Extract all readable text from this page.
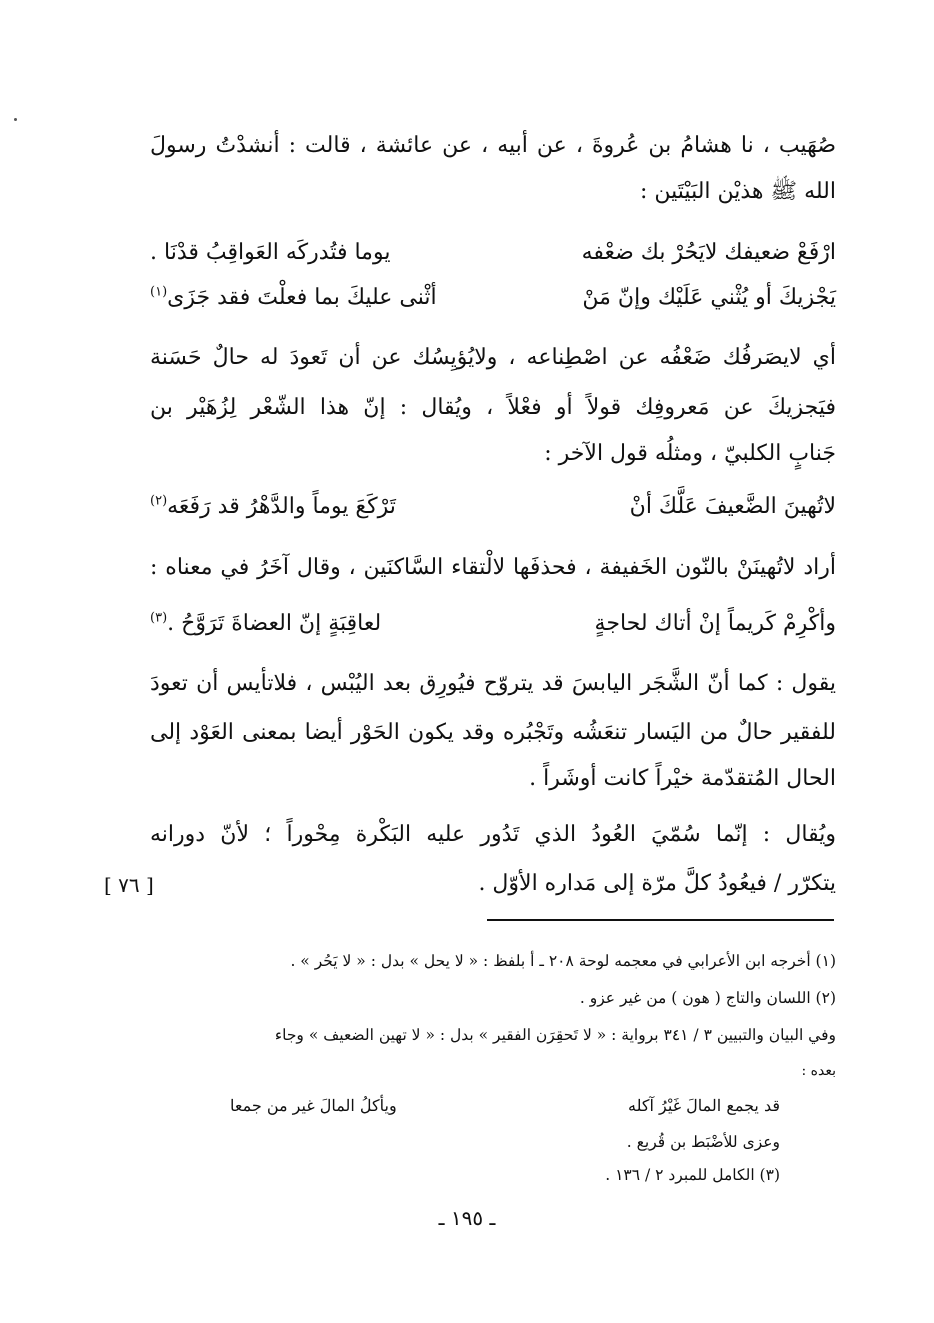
صُهَيب ، نا هشامُ بن عُروةَ ، عن أبيه ، عن عائشة ، قالت : أنشدْتُ رسولَ
الله ﷺ هذيْن البَيْتَين :
ارْفَعْ ضعيفك لايَحُرْ بك ضعْفه
يوما فتُدركَه العَواقِبُ قدْنَا .
يَجْزيكَ أو يُثْني عَلَيْك وإنّ مَنْ
أثْنى عليكَ بما فعلْتَ فقد جَزَى$^{(١)}$
أي لايصَرفُك ضَعْفُه عن اصْطِناعه ، ولايُؤيِسُك عن أن تَعودَ له حالٌ حَسَنة
فيَجزيكَ عن مَعروفِك قولاً أو فعْلاً ، ويُقال : إنّ هذا الشّعْر لِزُهَيْر بن
جَنابٍ الكلبيّ ، ومثلُه قول الآخر :
لاتُهينَ الضَّعيفَ عَلَّكَ أنْ
تَرْكَعَ يوماً والدَّهْرُ قد رَفَعَه$^{(٢)}$
أراد لاتُهينَنْ بالنّون الخَفيفة ، فحذفَها لالْتقاء السَّاكنَين ، وقال آخَرُ في معناه :
وأكْرِمْ كَريماً إنْ أتاك لحاجةٍ
لعاقِبَةٍ إنّ العضاةَ تَرَوَّحُ .$^{(٣)}$
يقول : كما أنّ الشَّجَر اليابسَ قد يتروّح فيُورِق بعد اليُبْس ، فلاتأيس أن تعودَ
للفقير حالٌ من اليَسار تنعَشُه وتَجْبُره وقد يكون الحَوْر أيضا بمعنى العَوْد إلى
الحال المُتقدّمة خيْراً كانت أوشَراً .
ويُقال : إنّما سُمّيَ العُودُ الذي تَدُور عليه البَكْرة مِحْوراً ؛ لأنّ دورانه
يتكرّر / فيعُودُ كلَّ مرّة إلى مَداره الأوّل .
[ ٧٦ ]
(١) أخرجه ابن الأعرابي في معجمه لوحة ٢٠٨ ـ أ بلفظ : « لا يحل » بدل : « لا يَحُر » .
(٢) اللسان والتاج ( هون ) من غير عزو .
وفي البيان والتبيين ٣ / ٣٤١ برواية : « لا تَحقِرَن الفقير » بدل : « لا تهين الضعيف » وجاء
بعده :
قد يجمع المالَ غَيْرُ آكله
ويأكلُ المالَ غير من جمعا
وعزى للأضْبَط بن قُريع .
(٣) الكامل للمبرد ٢ / ١٣٦ .
ـ ١٩٥ ـ
